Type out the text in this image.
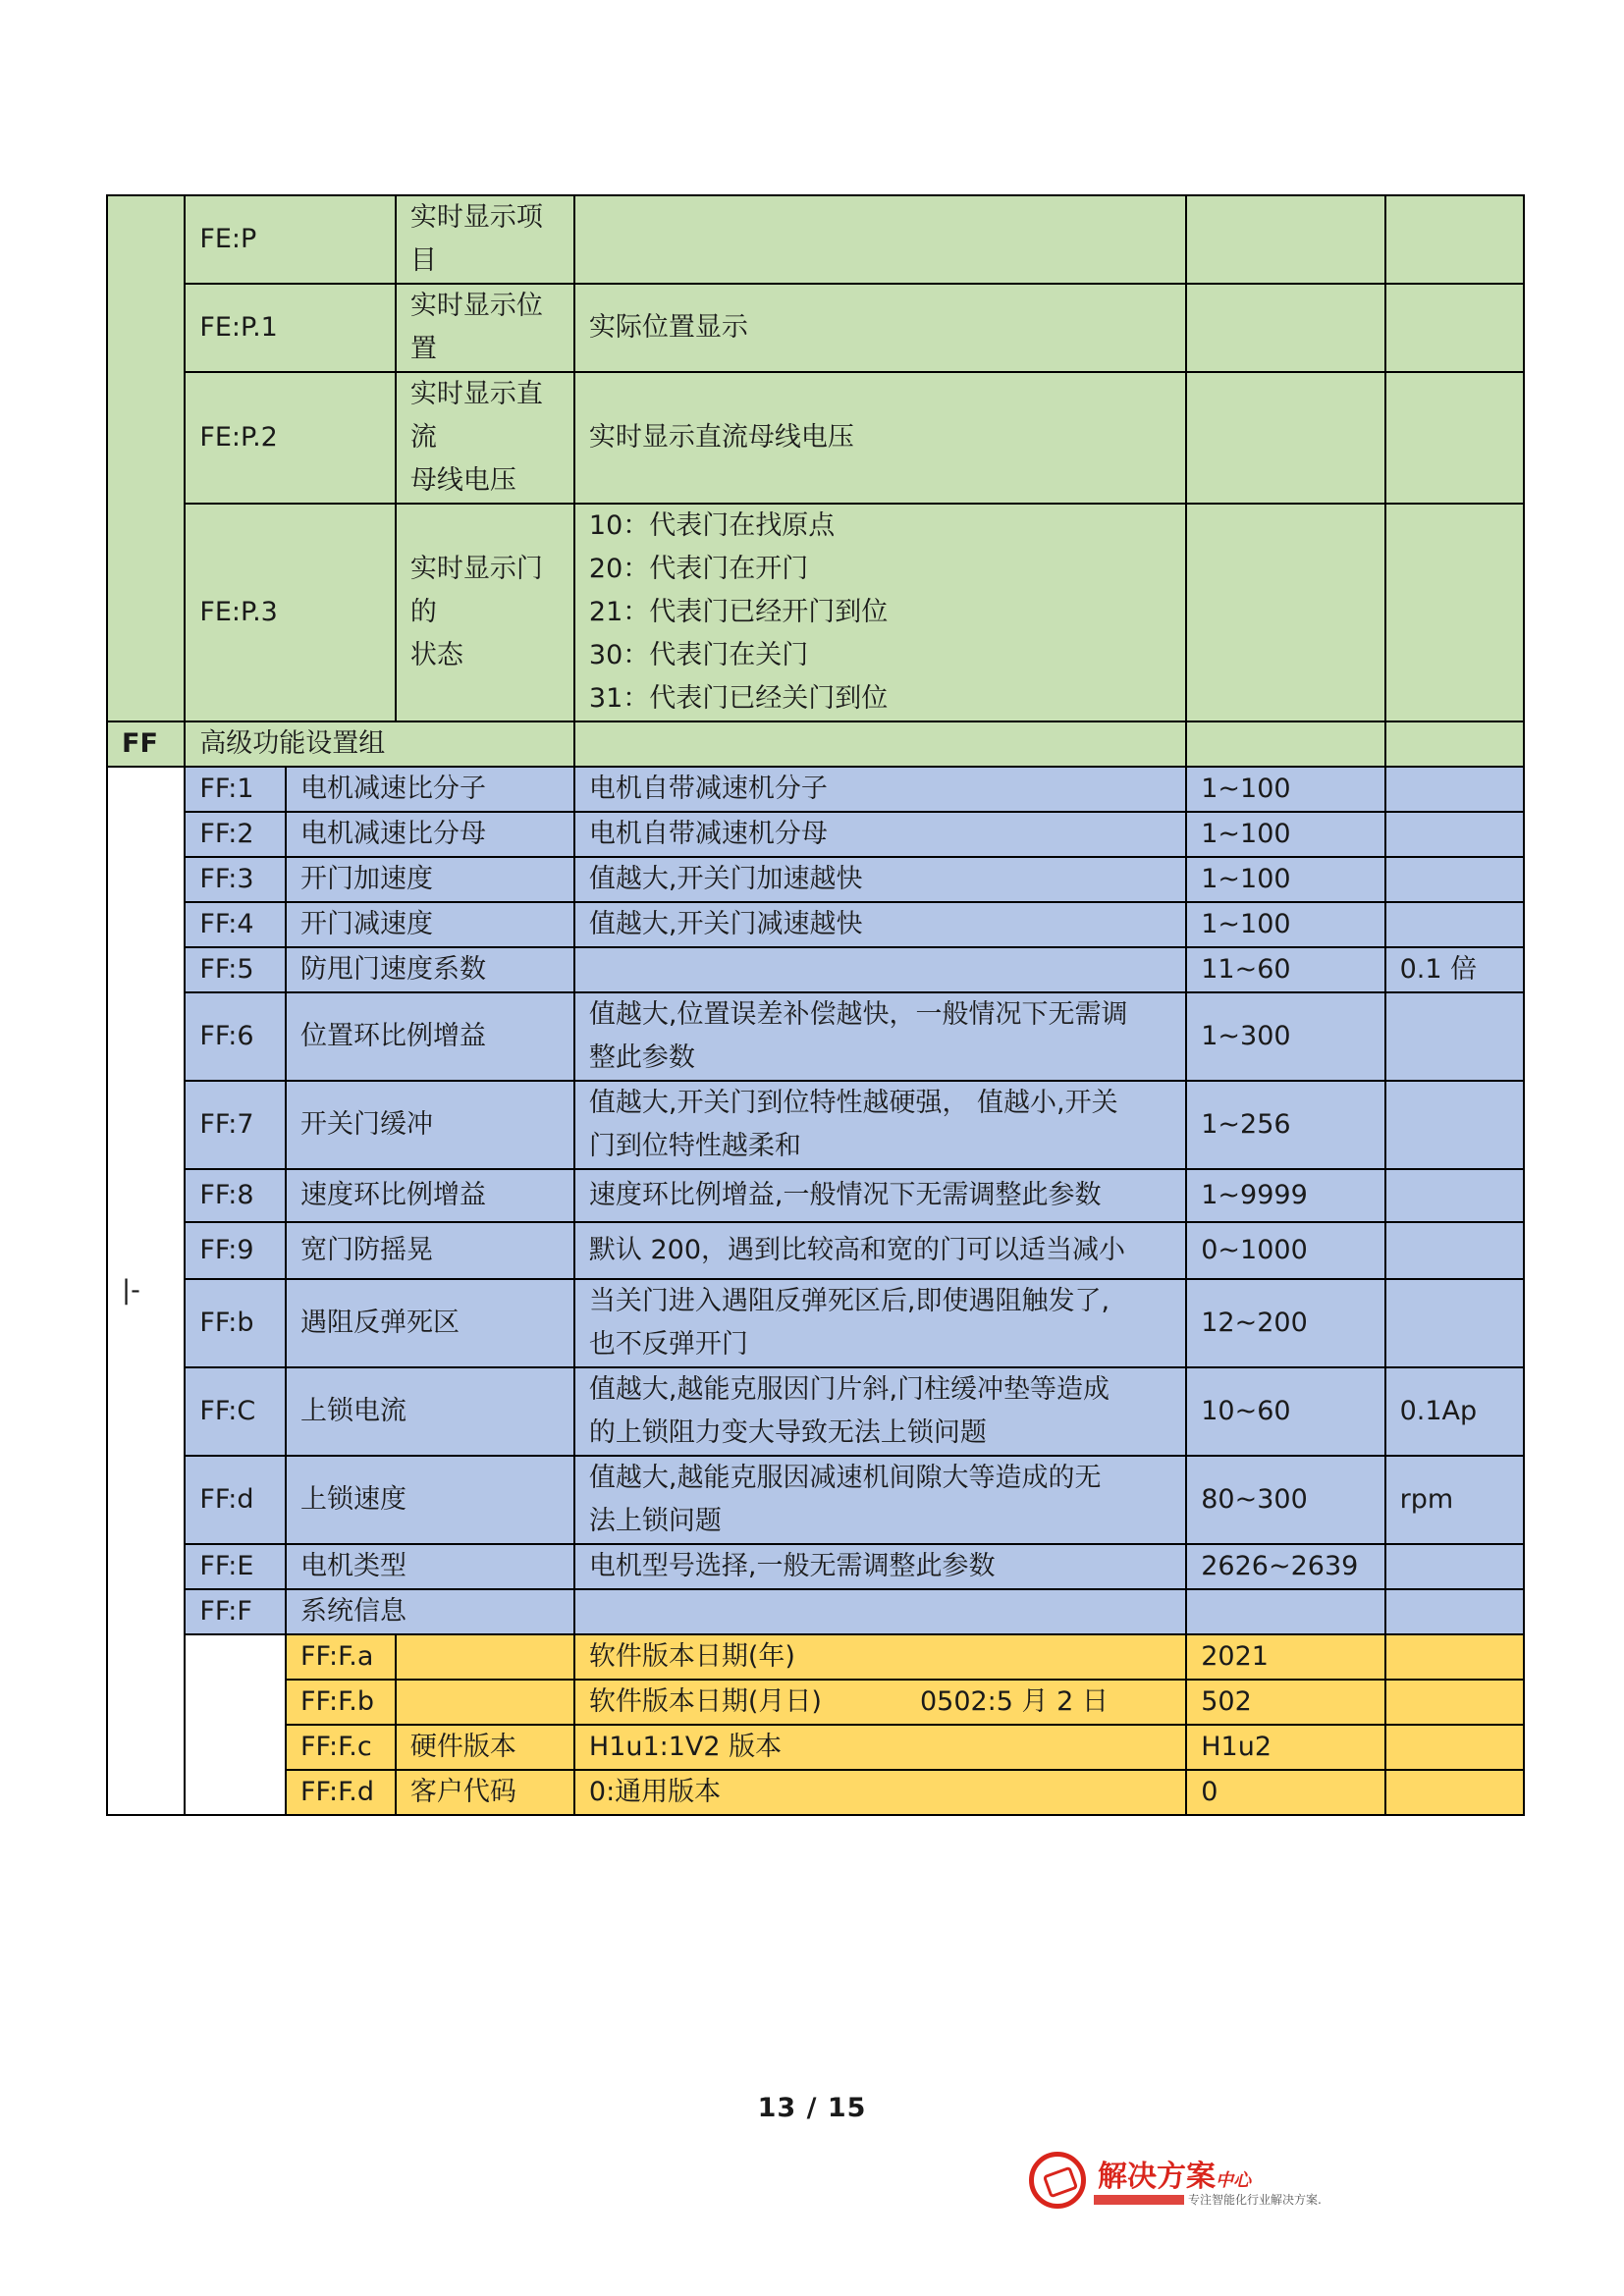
	FE:P		实时显示项目			
	FE:P.1		实时显示位置	实际位置显示		
	FE:P.2		实时显示直流
母线电压	实时显示直流母线电压		
	FE:P.3		实时显示门的
状态	10：代表门在找原点
20：代表门在开门
21：代表门已经开门到位
30：代表门在关门
31：代表门已经关门到位		

FF	高级功能设置组					
|-	FF:1	电机减速比分子		电机自带减速机分子	1~100	
	FF:2	电机减速比分母		电机自带减速机分母	1~100	
	FF:3	开门加速度		值越大,开关门加速越快	1~100	
	FF:4	开门减速度		值越大,开关门减速越快	1~100	
	FF:5	防甩门速度系数			11~60	0.1 倍
	FF:6	位置环比例增益		值越大,位置误差补偿越快，一般情况下无需调
整此参数	1~300	
	FF:7	开关门缓冲		值越大,开关门到位特性越硬强， 值越小,开关
门到位特性越柔和	1~256	
	FF:8	速度环比例增益		速度环比例增益,一般情况下无需调整此参数	1~9999	
	FF:9	宽门防摇晃		默认 200，遇到比较高和宽的门可以适当减小	0~1000	
	FF:b	遇阻反弹死区		当关门进入遇阻反弹死区后,即使遇阻触发了,
也不反弹开门	12~200	
	FF:C	上锁电流		值越大,越能克服因门片斜,门柱缓冲垫等造成
的上锁阻力变大导致无法上锁问题	10~60	0.1Ap
	FF:d	上锁速度		值越大,越能克服因减速机间隙大等造成的无
法上锁问题	80~300	rpm
	FF:E	电机类型		电机型号选择,一般无需调整此参数	2626~2639	
	FF:F	系统信息				
		FF:F.a		软件版本日期(年)	2021	
		FF:F.b		软件版本日期(月日) 0502:5 月 2 日	502	
		FF:F.c	硬件版本	H1u1:1V2 版本	H1u2	
		FF:F.d	客户代码	0:通用版本	0	
13 / 15
解决方案中心
专注智能化行业解决方案.
